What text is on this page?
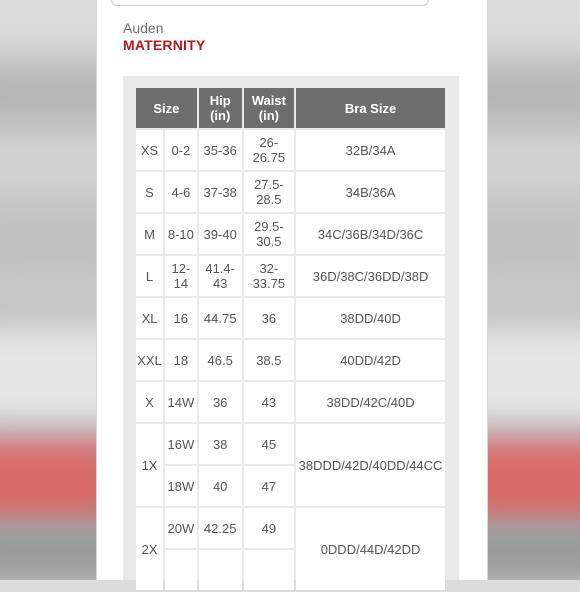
Auden
MATERNITY
Size		Hip (in)	Waist (in)	Bra Size
XS	0-2	35-36	26-26.75	32B/34A
S	4-6	37-38	27.5-28.5	34B/36A
M	8-10	39-40	29.5-30.5	34C/36B/34D/36C
L	12-14	41.4-43	32-33.75	36D/38C/36DD/38D
XL	16	44.75	36	38DD/40D
XXL	18	46.5	38.5	40DD/42D
X	14W	36	43	38DD/42C/40D
1X	16W	38	45	38DDD/42D/40DD/44CC
	18W	40	47	
2X	20W	42.25	49	0DDD/44D/42DD
